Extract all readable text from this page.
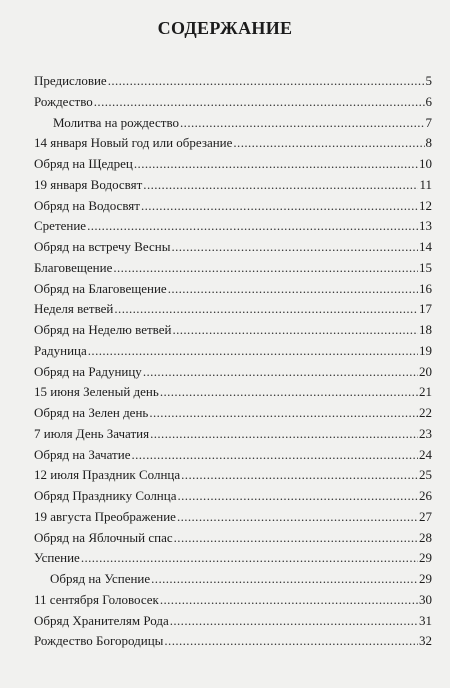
СОДЕРЖАНИЕ
Предисловие .....	5
Рождество .....	6
Молитва на рождество .....	7
14 января Новый год или обрезание .....	8
Обряд на Щедрец .....	10
19 января Водосвят .....	11
Обряд на Водосвят .....	12
Сретение .....	13
Обряд на встречу Весны .....	14
Благовещение .....	15
Обряд на Благовещение .....	16
Неделя ветвей .....	17
Обряд на Неделю ветвей .....	18
Радуница .....	19
Обряд на Радуницу .....	20
15 июня Зеленый день .....	21
Обряд на Зелен день .....	22
7 июля День Зачатия .....	23
Обряд на Зачатие .....	24
12 июля Праздник Солнца .....	25
Обряд Празднику Солнца .....	26
19 августа Преображение .....	27
Обряд на Яблочный спас .....	28
Успение .....	29
Обряд на Успение .....	29
11 сентября Головосек .....	30
Обряд Хранителям Рода .....	31
Рождество Богородицы .....	32
